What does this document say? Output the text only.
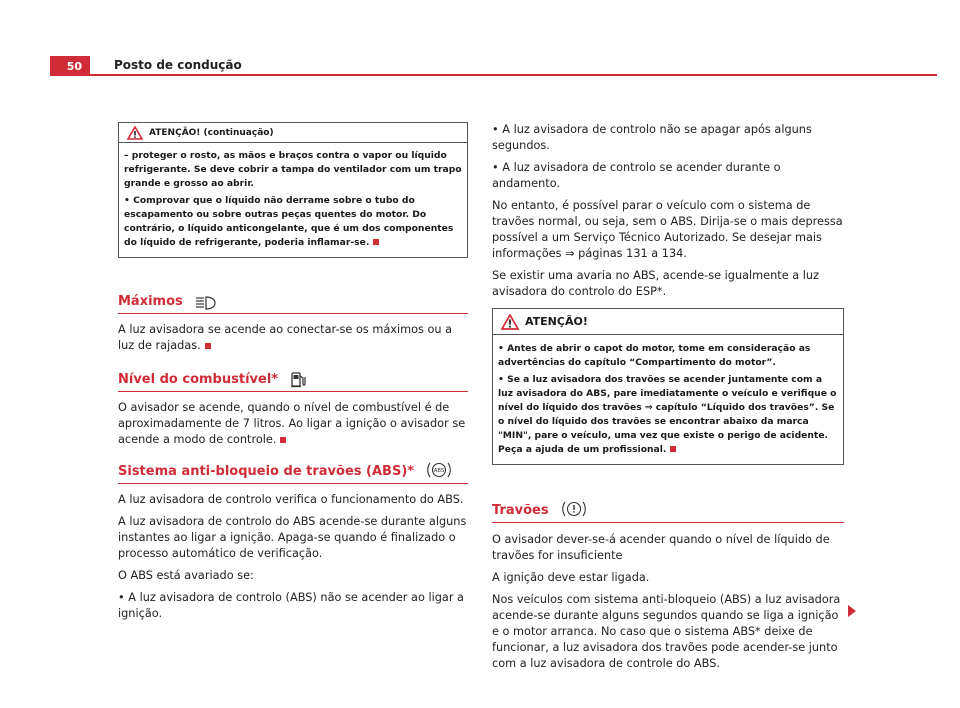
50	Posto de condução
ATENÇÃO! (continuação)

– proteger o rosto, as mãos e braços contra o vapor ou líquido refrigerante. Se deve cobrir a tampa do ventilador com um trapo grande e grosso ao abrir.

• Comprovar que o líquido não derrame sobre o tubo do escapamento ou sobre outras peças quentes do motor. Do contrário, o líquido anticongelante, que é um dos componentes do líquido de refrigerante, poderia inflamar-se.

Máximos

A luz avisadora se acende ao conectar-se os máximos ou a luz de rajadas.

Nível do combustível*

O avisador se acende, quando o nível de combustível é de aproximadamente de 7 litros. Ao ligar a ignição o avisador se acende a modo de controle.

Sistema anti-bloqueio de travões (ABS)*	ABS

A luz avisadora de controlo verifica o funcionamento do ABS.

A luz avisadora de controlo do ABS acende-se durante alguns instantes ao ligar a ignição. Apaga-se quando é finalizado o processo automático de verificação.

O ABS está avariado se:

• A luz avisadora de controlo (ABS) não se acender ao ligar a ignição.

• A luz avisadora de controlo não se apagar após alguns segundos.

• A luz avisadora de controlo se acender durante o andamento.

No entanto, é possível parar o veículo com o sistema de travões normal, ou seja, sem o ABS. Dirija-se o mais depressa possível a um Serviço Técnico Autorizado. Se desejar mais informações ⇒ páginas 131 a 134.

Se existir uma avaria no ABS, acende-se igualmente a luz avisadora do controlo do ESP*.

ATENÇÃO!

• Antes de abrir o capot do motor, tome em consideração as advertências do capítulo “Compartimento do motor”.

• Se a luz avisadora dos travões se acender juntamente com a luz avisadora do ABS, pare imediatamente o veículo e verifique o nível do líquido dos travões ⇒ capítulo “Líquido dos travões”. Se o nível do líquido dos travões se encontrar abaixo da marca "MIN", pare o veículo, uma vez que existe o perigo de acidente. Peça a ajuda de um profissional.

Travões

O avisador dever-se-á acender quando o nível de líquido de travões for insuficiente

A ignição deve estar ligada.

Nos veículos com sistema anti-bloqueio (ABS) a luz avisadora acende-se durante alguns segundos quando se liga a ignição e o motor arranca. No caso que o sistema ABS* deixe de funcionar, a luz avisadora dos travões pode acender-se junto com a luz avisadora de controle do ABS.
